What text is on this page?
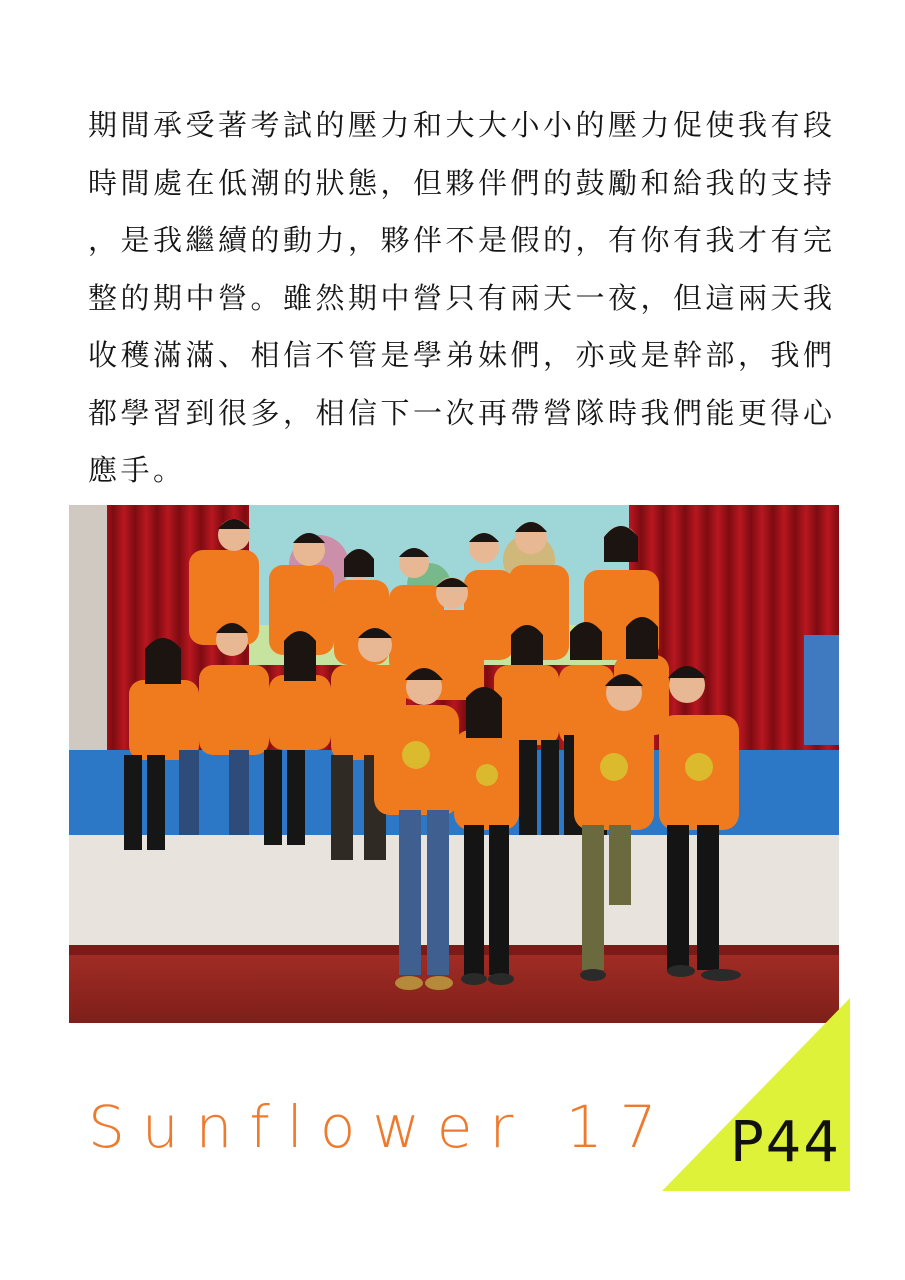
期間承受著考試的壓力和大大小小的壓力促使我有段
時間處在低潮的狀態，但夥伴們的鼓勵和給我的支持
，是我繼續的動力，夥伴不是假的，有你有我才有完
整的期中營。雖然期中營只有兩天一夜，但這兩天我
收穫滿滿、相信不管是學弟妹們，亦或是幹部，我們
都學習到很多，相信下一次再帶營隊時我們能更得心
應手。

Sunflower 17 P44
